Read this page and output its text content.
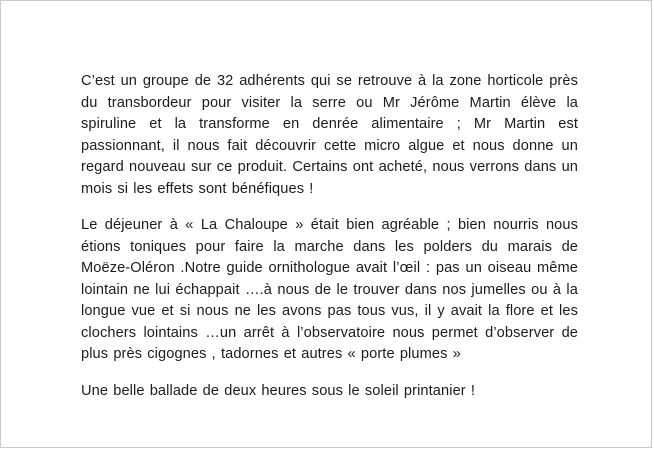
C’est un groupe de 32 adhérents qui se retrouve à la zone horticole près du transbordeur pour visiter la serre ou Mr Jérôme Martin élève la spiruline et la transforme en denrée alimentaire ; Mr Martin est passionnant, il nous fait découvrir cette micro algue et nous donne un regard nouveau sur ce produit. Certains ont acheté, nous verrons dans un mois si les effets sont bénéfiques !

Le déjeuner à « La Chaloupe » était bien agréable ; bien nourris nous étions toniques pour faire la marche dans les polders du marais de Moëze-Oléron .Notre guide ornithologue avait l’œil : pas un oiseau même lointain ne lui échappait ….à nous de le trouver dans nos jumelles ou à la longue vue et si nous ne les avons pas tous vus, il y avait la flore et les clochers lointains …un arrêt à l’observatoire nous permet d’observer de plus près cigognes , tadornes et autres « porte plumes »

Une belle ballade de deux heures sous le soleil printanier !
